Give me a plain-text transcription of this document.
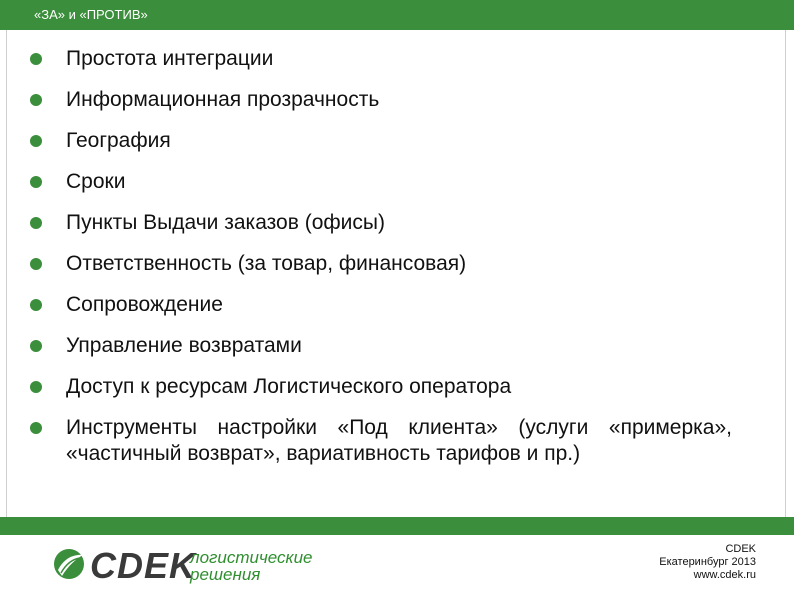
«ЗА» и «ПРОТИВ»
Простота интеграции
Информационная прозрачность
География
Сроки
Пункты Выдачи заказов (офисы)
Ответственность (за товар, финансовая)
Сопровождение
Управление возвратами
Доступ к ресурсам Логистического оператора
Инструменты настройки «Под клиента» (услуги «примерка», «частичный возврат», вариативность тарифов и пр.)
CDEK
логистические
решения
CDEK
Екатеринбург 2013
www.cdek.ru
